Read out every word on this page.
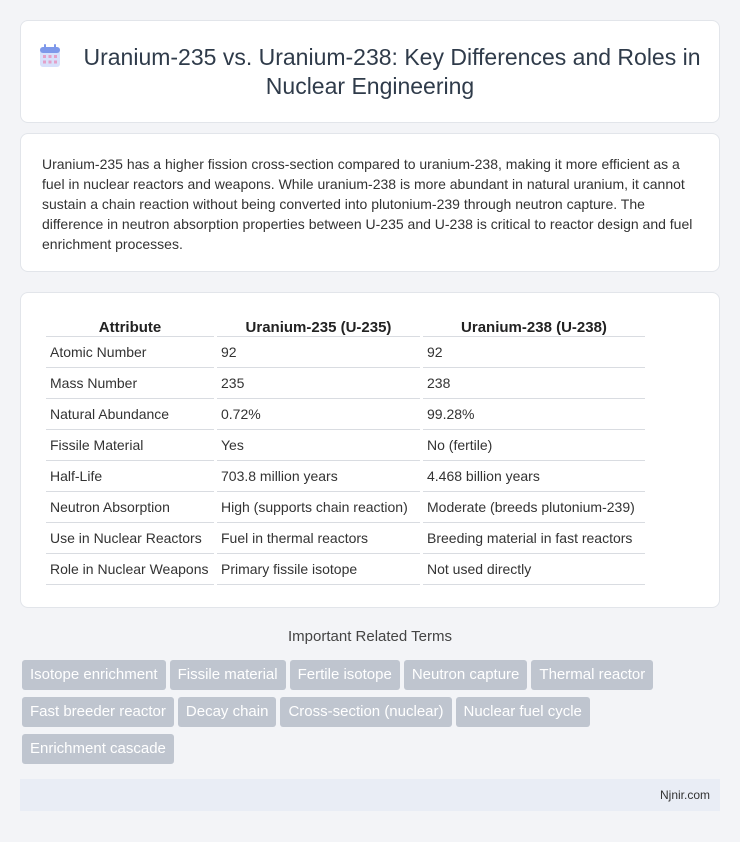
Uranium-235 vs. Uranium-238: Key Differences and Roles in Nuclear Engineering

Uranium-235 has a higher fission cross-section compared to uranium-238, making it more efficient as a fuel in nuclear reactors and weapons. While uranium-238 is more abundant in natural uranium, it cannot sustain a chain reaction without being converted into plutonium-239 through neutron capture. The difference in neutron absorption properties between U-235 and U-238 is critical to reactor design and fuel enrichment processes.

Attribute	Uranium-235 (U-235)	Uranium-238 (U-238)
Atomic Number	92	92
Mass Number	235	238
Natural Abundance	0.72%	99.28%
Fissile Material	Yes	No (fertile)
Half-Life	703.8 million years	4.468 billion years
Neutron Absorption	High (supports chain reaction)	Moderate (breeds plutonium-239)
Use in Nuclear Reactors	Fuel in thermal reactors	Breeding material in fast reactors
Role in Nuclear Weapons	Primary fissile isotope	Not used directly
Important Related Terms
Isotope enrichment Fissile material Fertile isotope Neutron capture Thermal reactor
Fast breeder reactor Decay chain Cross-section (nuclear) Nuclear fuel cycle
Enrichment cascade
Njnir.com
